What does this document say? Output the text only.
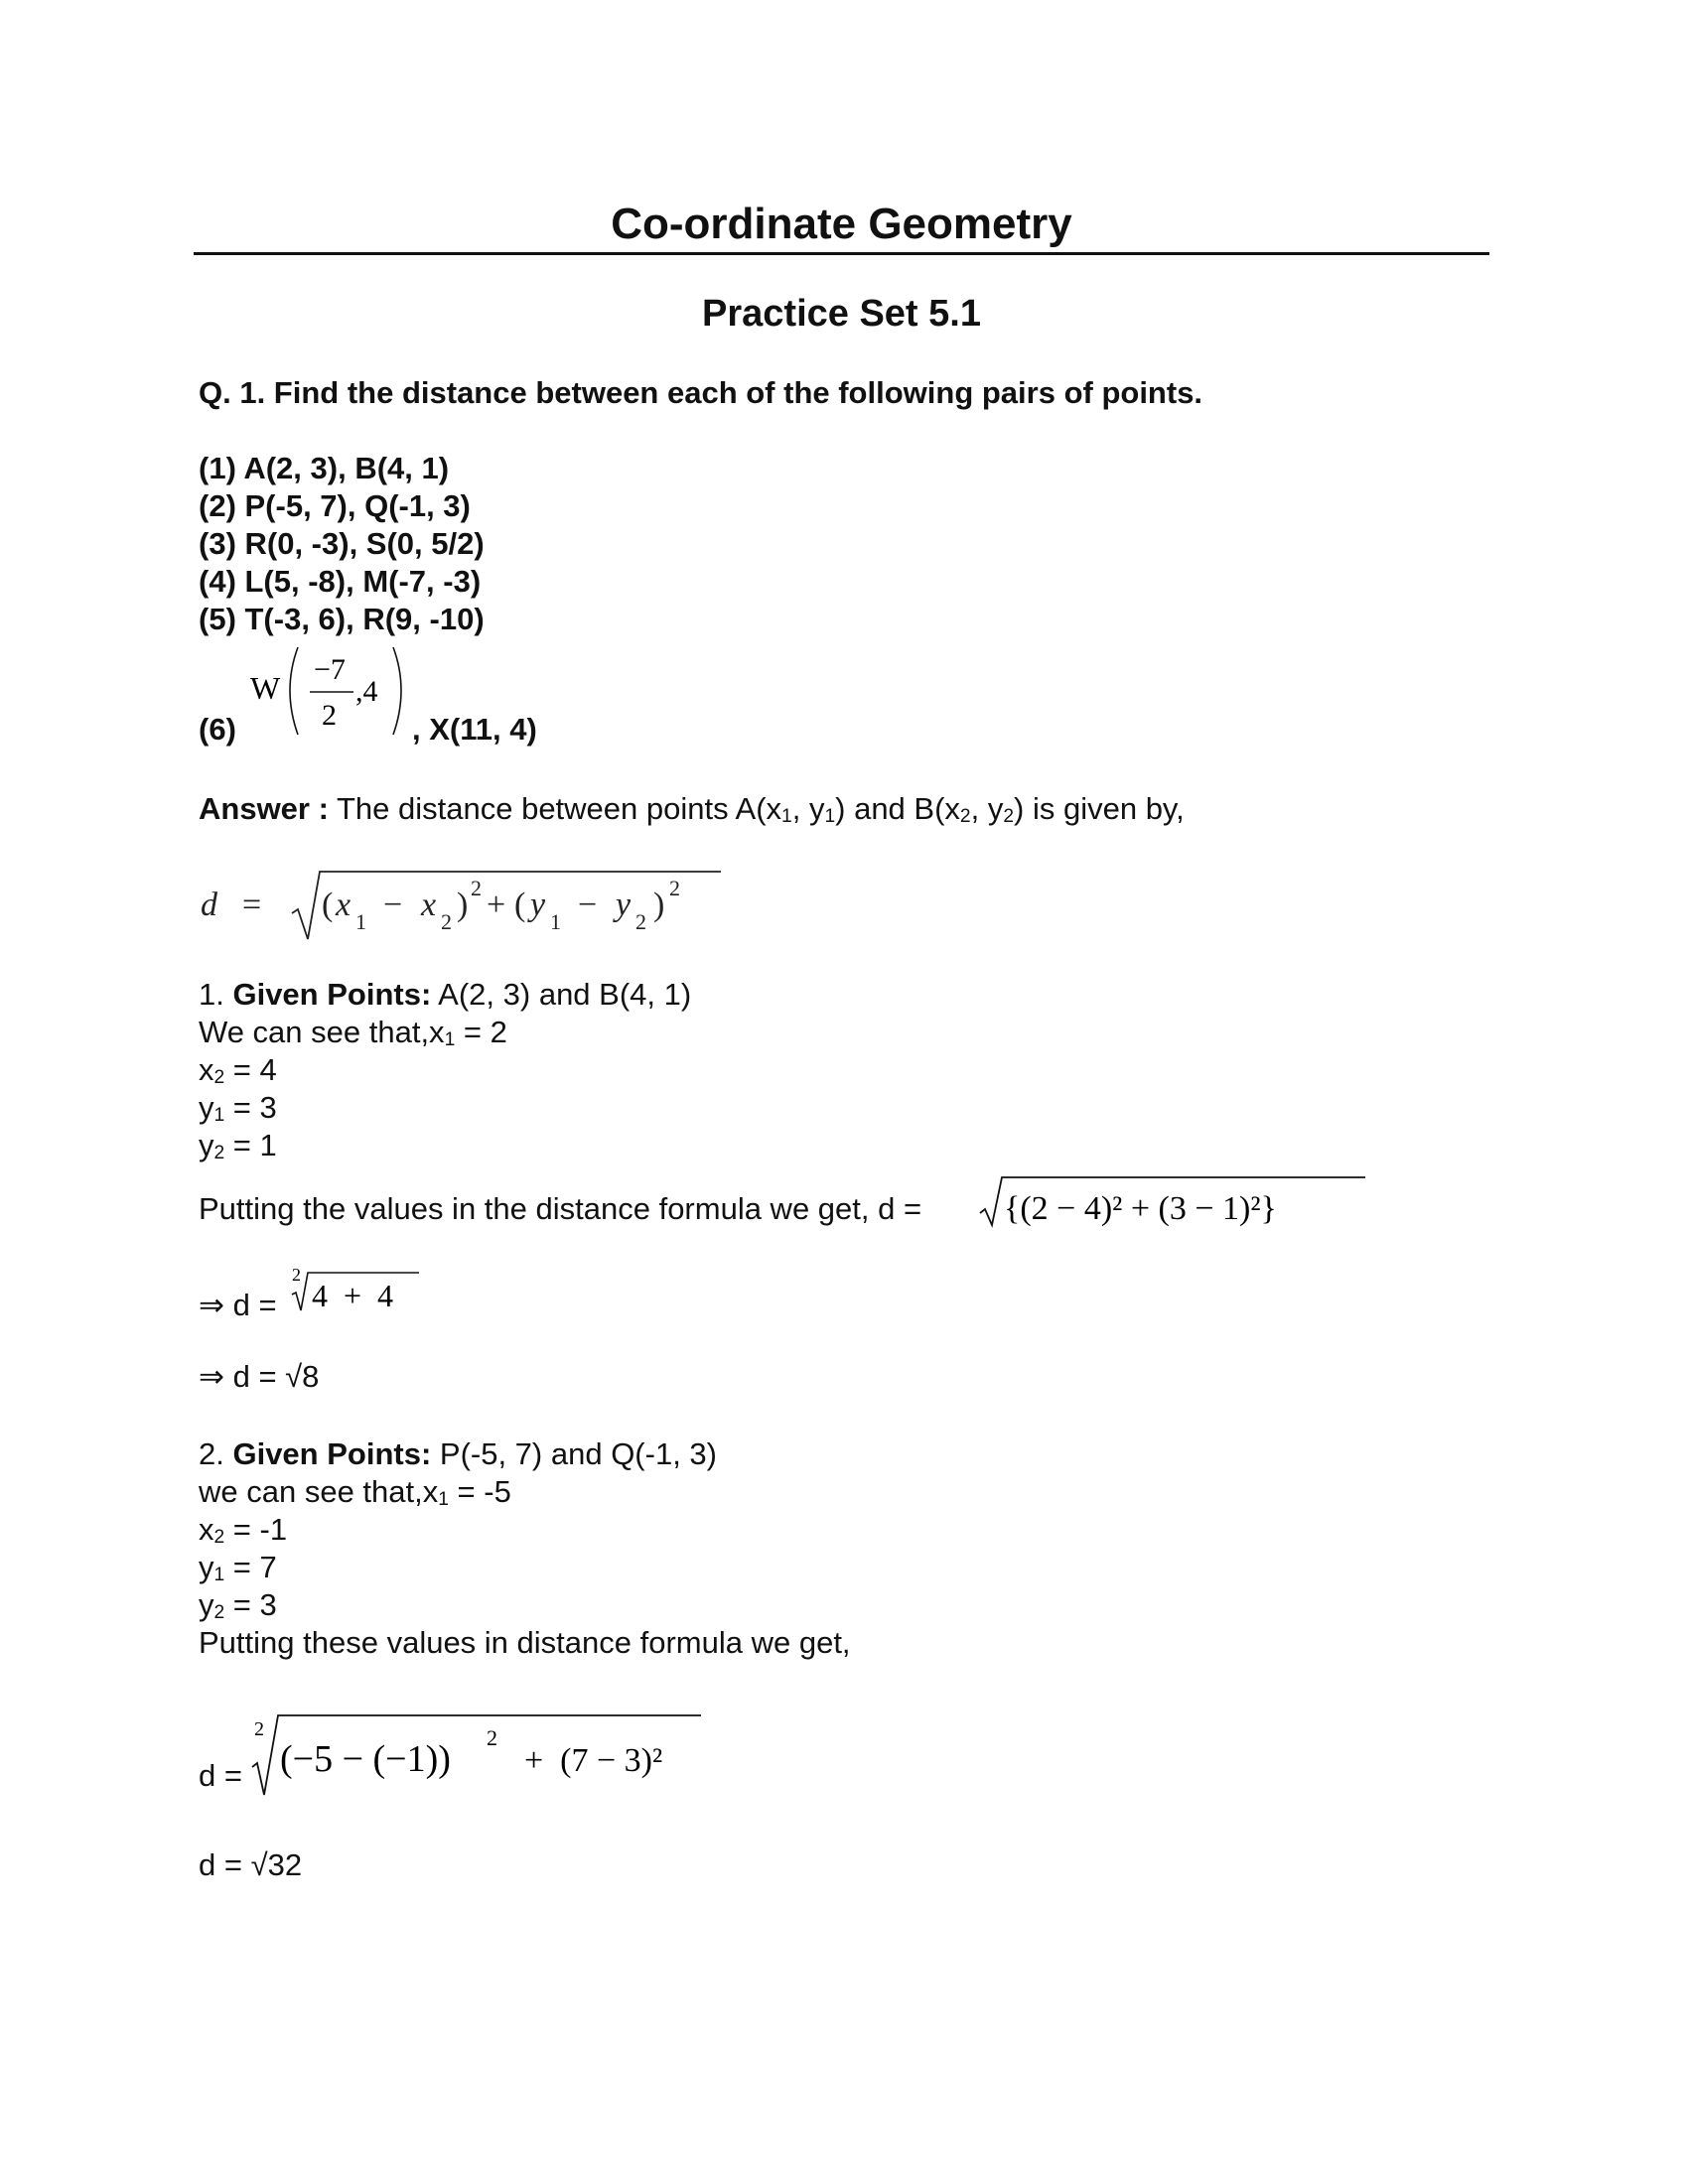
Co-ordinate Geometry
Practice Set 5.1
Q. 1. Find the distance between each of the following pairs of points.
(1) A(2, 3), B(4, 1)
(2) P(-5, 7), Q(-1, 3)
(3) R(0, -3), S(0, 5/2)
(4) L(5, -8), M(-7, -3)
(5) T(-3, 6), R(9, -10)
(6)
W
−7
2
,4
, X(11, 4)
Answer : The distance between points $A(x_1$, $y_1$) and $B(x_2$, $y_2$) is given by,
d = ( x 1 − x 2 ) 2 + ( y 1 − y 2 ) 2
1. Given Points: A(2, 3) and B(4, 1)
We can see $that,x_1 = 2$
$x_2 = 4$
$y_1 = 3$
$y_2 = 1$
Putting the values in the distance formula we get, d = {(2 − 4)² + (3 − 1)²}
⇒ d =
2
4  +  4
⇒ d = √8
2. Given Points: P(-5, 7) and Q(-1, 3)
we can see $that,x_1 = -5$
$x_2 = -1$
$y_1 = 7$
$y_2 = 3$
Putting these values in distance formula we get,
d =
2
(−5 − (−1))
2
+  (7 − 3)²
d = √32
